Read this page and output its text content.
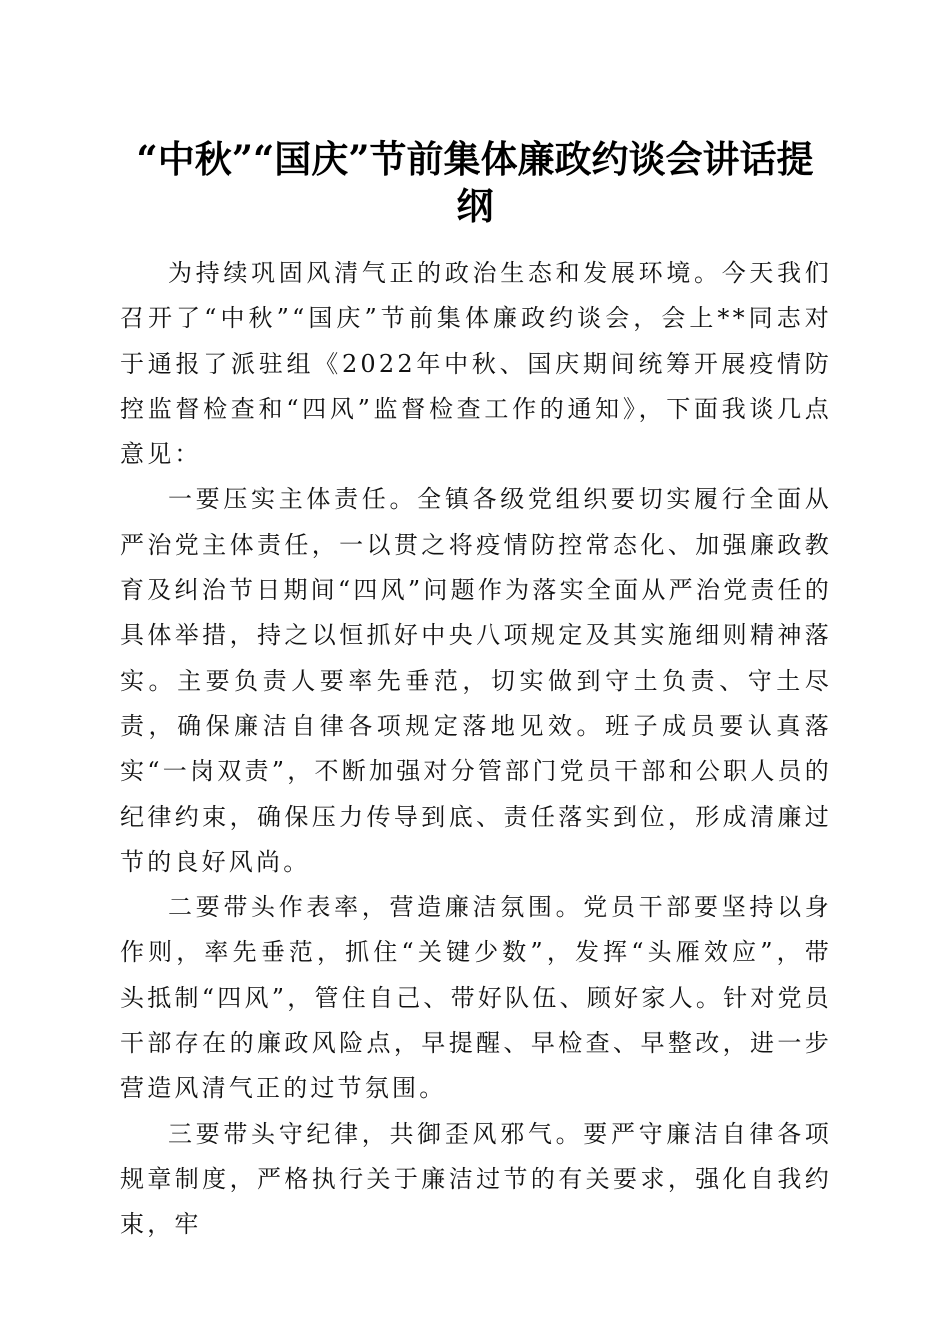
“中秋”“国庆”节前集体廉政约谈会讲话提纲

为持续巩固风清气正的政治生态和发展环境。今天我们召开了“中秋”“国庆”节前集体廉政约谈会，会上**同志对于通报了派驻组《2022年中秋、国庆期间统筹开展疫情防控监督检查和“四风”监督检查工作的通知》，下面我谈几点意见：

一要压实主体责任。全镇各级党组织要切实履行全面从严治党主体责任，一以贯之将疫情防控常态化、加强廉政教育及纠治节日期间“四风”问题作为落实全面从严治党责任的具体举措，持之以恒抓好中央八项规定及其实施细则精神落实。主要负责人要率先垂范，切实做到守土负责、守土尽责，确保廉洁自律各项规定落地见效。班子成员要认真落实“一岗双责”，不断加强对分管部门党员干部和公职人员的纪律约束，确保压力传导到底、责任落实到位，形成清廉过节的良好风尚。

二要带头作表率，营造廉洁氛围。党员干部要坚持以身作则，率先垂范，抓住“关键少数”，发挥“头雁效应”，带头抵制“四风”，管住自己、带好队伍、顾好家人。针对党员干部存在的廉政风险点，早提醒、早检查、早整改，进一步营造风清气正的过节氛围。

三要带头守纪律，共御歪风邪气。要严守廉洁自律各项规章制度，严格执行关于廉洁过节的有关要求，强化自我约束，牢
